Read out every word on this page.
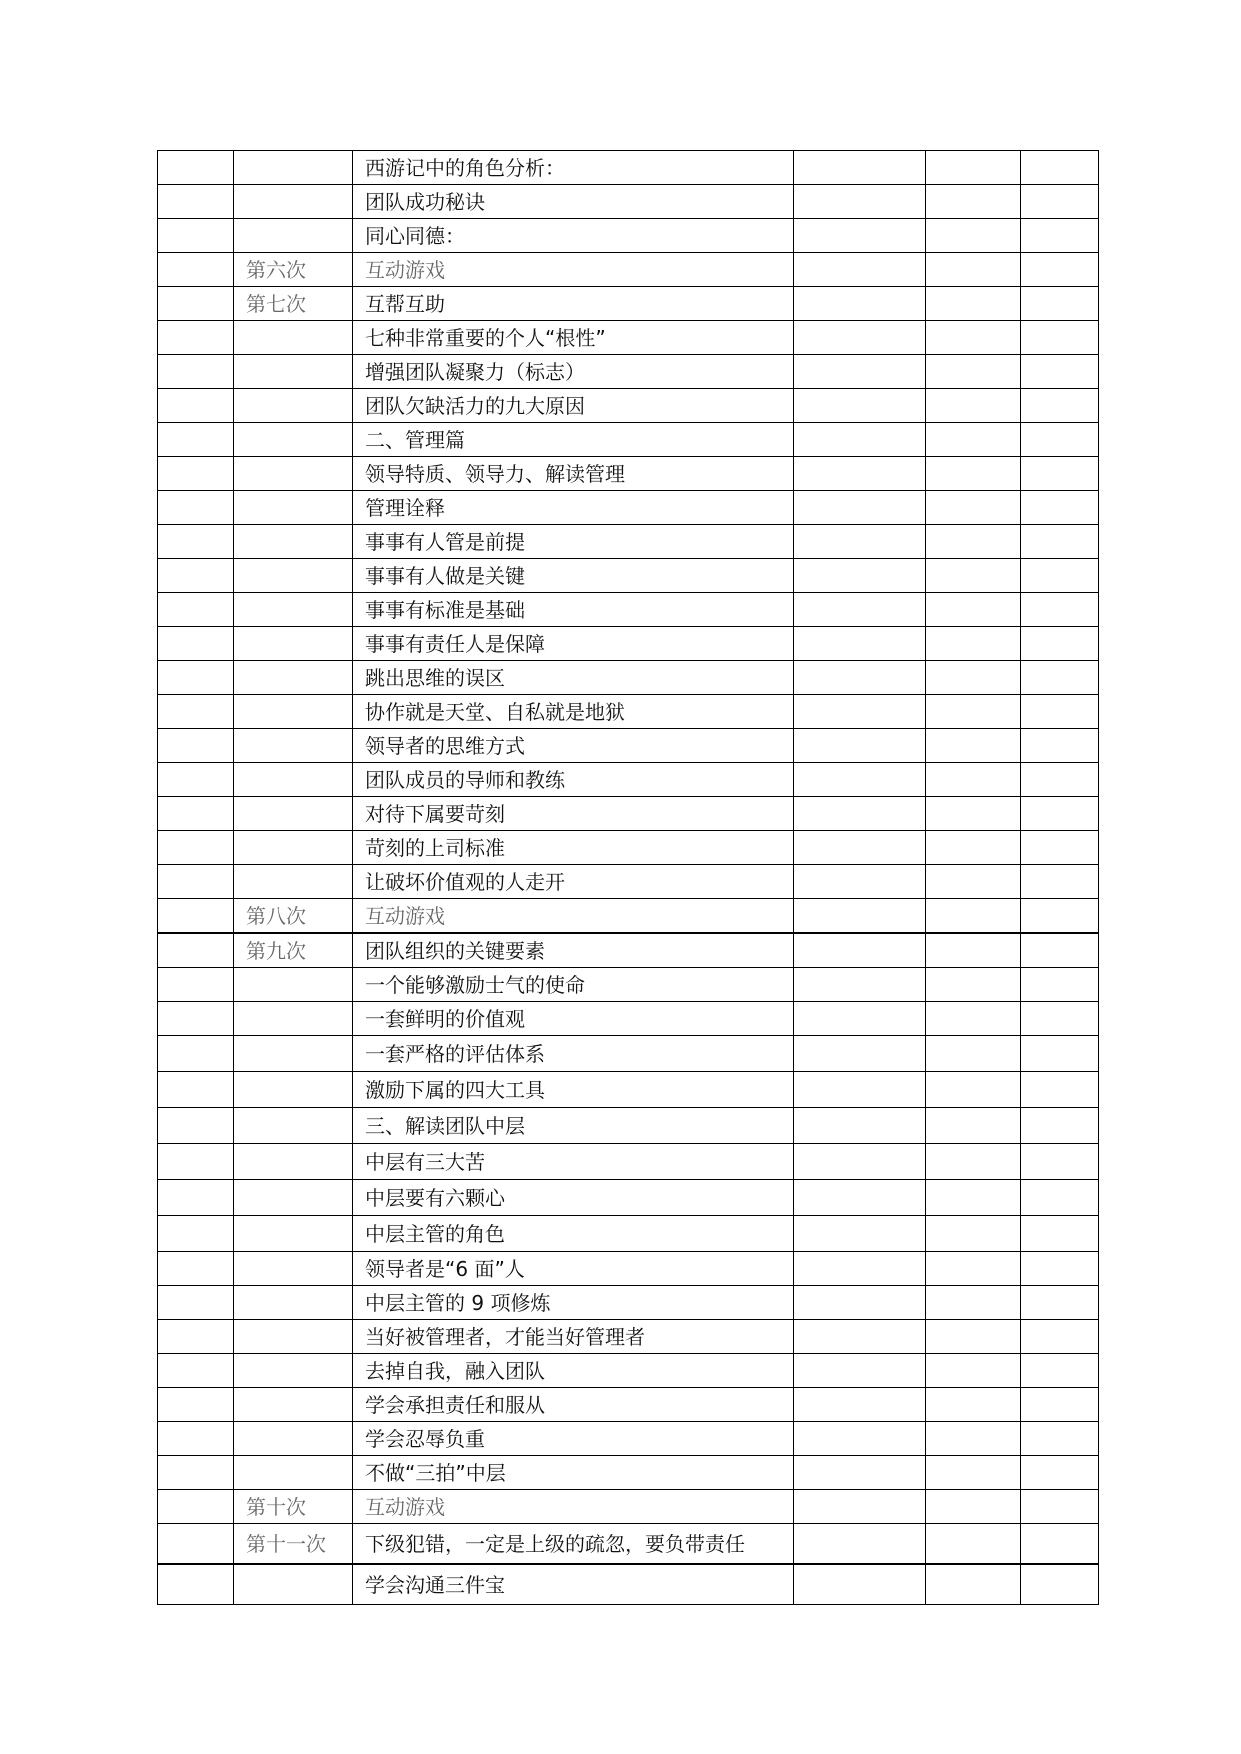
		西游记中的角色分析：			
		团队成功秘诀			
		同心同德：			
	第六次	互动游戏			
	第七次	互帮互助			
		七种非常重要的个人“根性”			
		增强团队凝聚力（标志）			
		团队欠缺活力的九大原因			
		二、管理篇			
		领导特质、领导力、解读管理			
		管理诠释			
		事事有人管是前提			
		事事有人做是关键			
		事事有标准是基础			
		事事有责任人是保障			
		跳出思维的误区			
		协作就是天堂、自私就是地狱			
		领导者的思维方式			
		团队成员的导师和教练			
		对待下属要苛刻			
		苛刻的上司标准			
		让破坏价值观的人走开			
	第八次	互动游戏			
	第九次	团队组织的关键要素			
		一个能够激励士气的使命			
		一套鲜明的价值观			
		一套严格的评估体系			
		激励下属的四大工具			
		三、解读团队中层			
		中层有三大苦			
		中层要有六颗心			
		中层主管的角色			
		领导者是“6 面”人			
		中层主管的 9 项修炼			
		当好被管理者，才能当好管理者			
		去掉自我，融入团队			
		学会承担责任和服从			
		学会忍辱负重			
		不做“三拍”中层			
	第十次	互动游戏			
	第十一次	下级犯错，一定是上级的疏忽，要负带责任			
		学会沟通三件宝			
